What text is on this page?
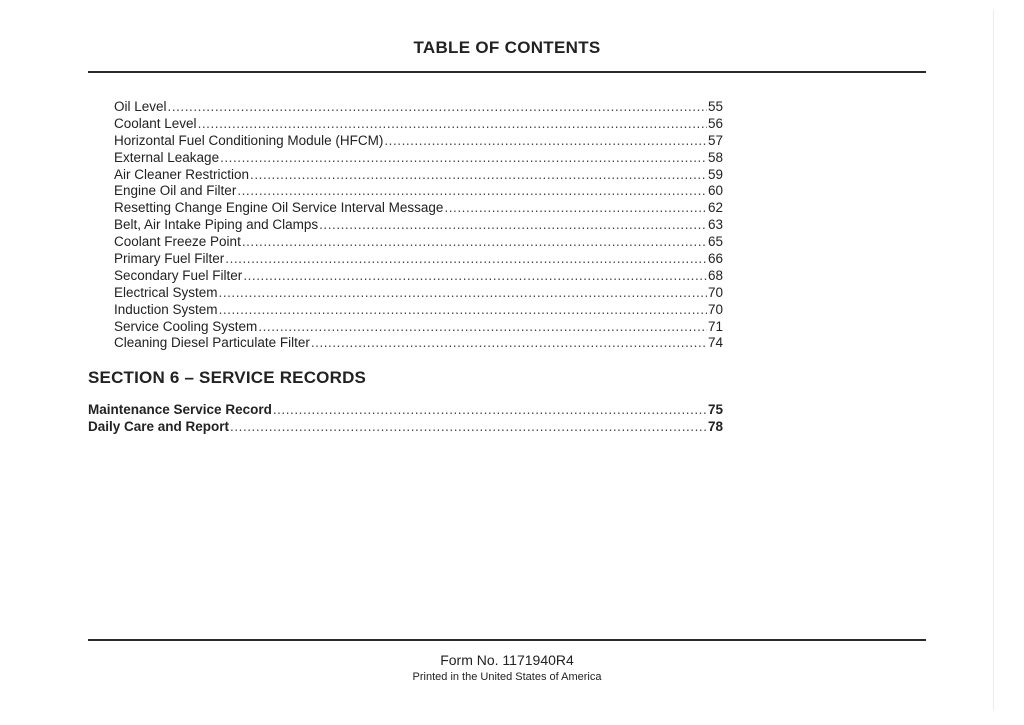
TABLE OF CONTENTS
Oil Level . . .	55
Coolant Level . . .	56
Horizontal Fuel Conditioning Module (HFCM) . . .	57
External Leakage . . .	58
Air Cleaner Restriction . . .	59
Engine Oil and Filter . . .	60
Resetting Change Engine Oil Service Interval Message . . .	62
Belt, Air Intake Piping and Clamps . . .	63
Coolant Freeze Point . . .	65
Primary Fuel Filter . . .	66
Secondary Fuel Filter . . .	68
Electrical System . . .	70
Induction System . . .	70
Service Cooling System . . .	71
Cleaning Diesel Particulate Filter . . .	74
SECTION 6 – SERVICE RECORDS
Maintenance Service Record . . .	75
Daily Care and Report . . .	78
Form No. 1171940R4
Printed in the United States of America
